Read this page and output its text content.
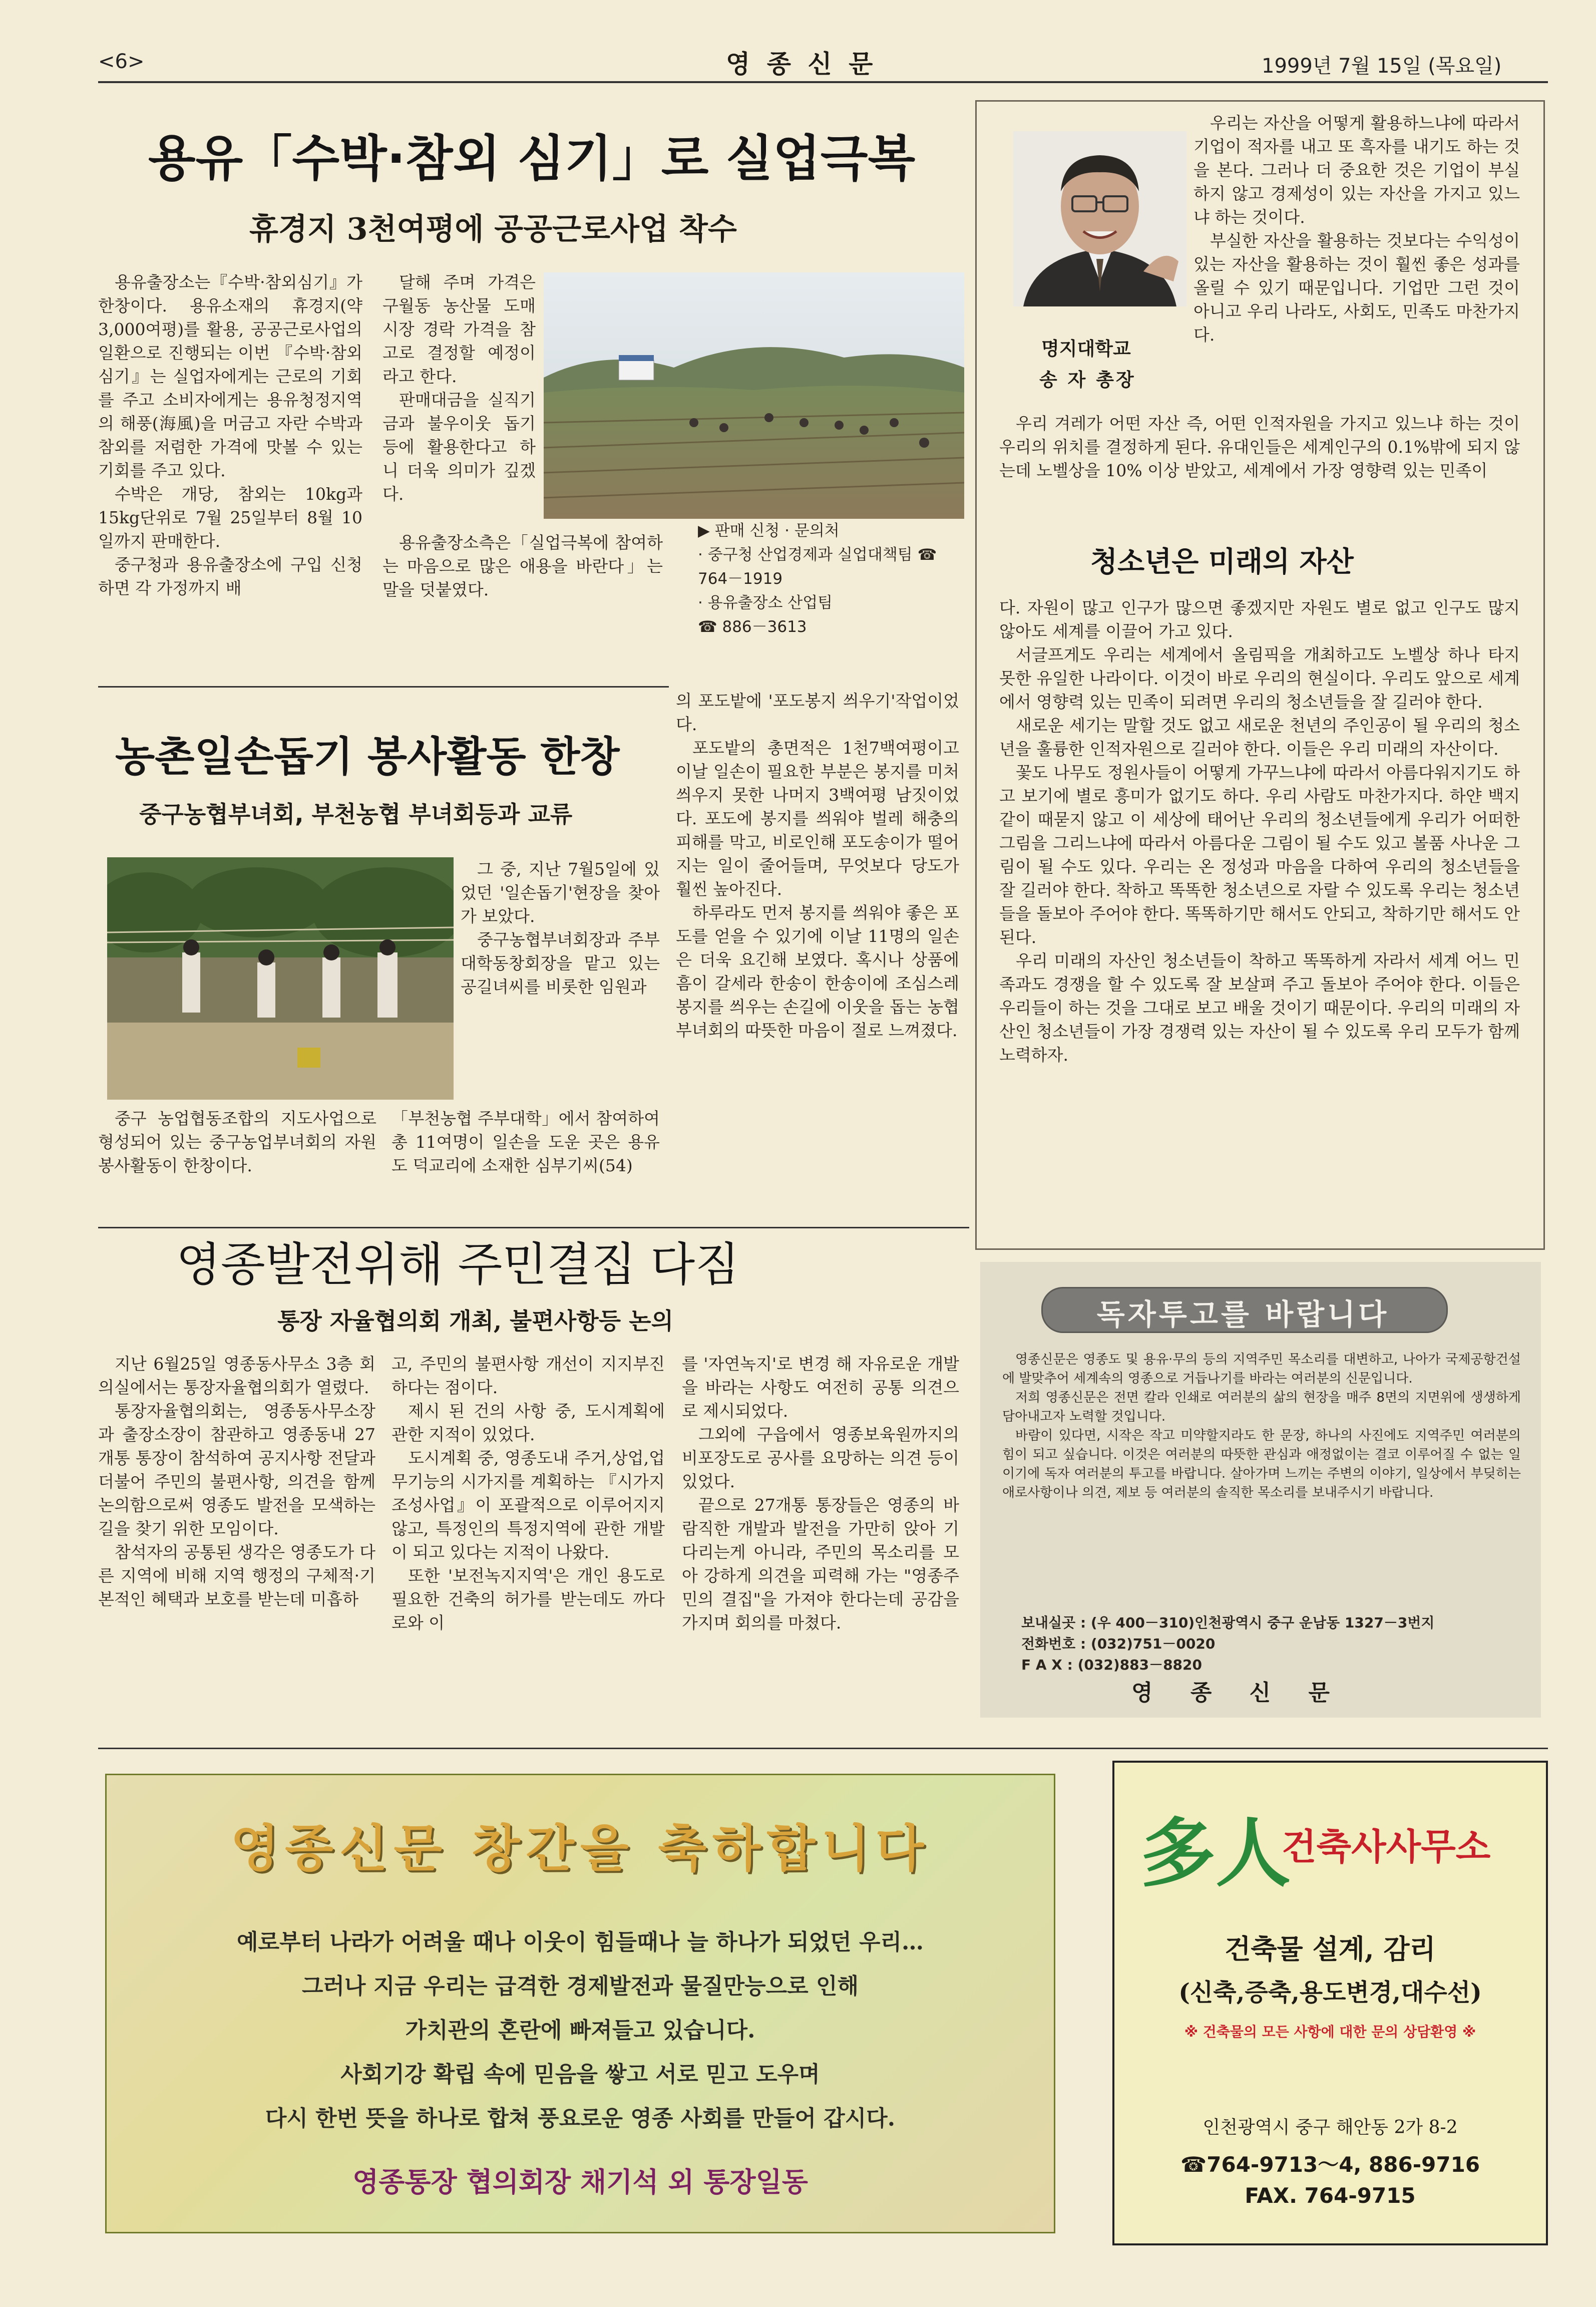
<6>	영 종 신 문	1999년 7월 15일 (목요일)
용유「수박·참외 심기」로 실업극복
휴경지 3천여평에 공공근로사업 착수

용유출장소는『수박·참외심기』가 한창이다. 용유소재의 휴경지(약3,000여평)를 활용, 공공근로사업의 일환으로 진행되는 이번 『수박·참외심기』는 실업자에게는 근로의 기회를 주고 소비자에게는 용유청정지역의 해풍(海風)을 머금고 자란 수박과 참외를 저렴한 가격에 맛볼 수 있는 기회를 주고 있다.

수박은 개당, 참외는 10kg과 15kg단위로 7월 25일부터 8월 10일까지 판매한다.

중구청과 용유출장소에 구입 신청하면 각 가정까지 배

달해 주며 가격은 구월동 농산물 도매시장 경락 가격을 참고로 결정할 예정이라고 한다.

판매대금을 실직기금과 불우이웃 돕기 등에 활용한다고 하니 더욱 의미가 깊겠다.

용유출장소측은「실업극복에 참여하는 마음으로 많은 애용을 바란다」는 말을 덧붙였다.

▶ 판매 신청 · 문의처
· 중구청 산업경제과 실업대책팀 ☎ 764－1919
· 용유출장소 산업팀
☎ 886－3613
명지대학교
송 자 총장

우리는 자산을 어떻게 활용하느냐에 따라서 기업이 적자를 내고 또 흑자를 내기도 하는 것을 본다. 그러나 더 중요한 것은 기업이 부실하지 않고 경제성이 있는 자산을 가지고 있느냐 하는 것이다.

부실한 자산을 활용하는 것보다는 수익성이 있는 자산을 활용하는 것이 훨씬 좋은 성과를 올릴 수 있기 때문입니다. 기업만 그런 것이 아니고 우리 나라도, 사회도, 민족도 마찬가지다.

우리 겨레가 어떤 자산 즉, 어떤 인적자원을 가지고 있느냐 하는 것이 우리의 위치를 결정하게 된다. 유대인들은 세계인구의 0.1%밖에 되지 않는데 노벨상을 10% 이상 받았고, 세계에서 가장 영향력 있는 민족이

청소년은 미래의 자산

다. 자원이 많고 인구가 많으면 좋겠지만 자원도 별로 없고 인구도 많지 않아도 세계를 이끌어 가고 있다.

서글프게도 우리는 세계에서 올림픽을 개최하고도 노벨상 하나 타지 못한 유일한 나라이다. 이것이 바로 우리의 현실이다. 우리도 앞으로 세계에서 영향력 있는 민족이 되려면 우리의 청소년들을 잘 길러야 한다.

새로운 세기는 말할 것도 없고 새로운 천년의 주인공이 될 우리의 청소년을 훌륭한 인적자원으로 길러야 한다. 이들은 우리 미래의 자산이다.

꽃도 나무도 정원사들이 어떻게 가꾸느냐에 따라서 아름다워지기도 하고 보기에 별로 흥미가 없기도 하다. 우리 사람도 마찬가지다. 하얀 백지 같이 때묻지 않고 이 세상에 태어난 우리의 청소년들에게 우리가 어떠한 그림을 그리느냐에 따라서 아름다운 그림이 될 수도 있고 볼품 사나운 그림이 될 수도 있다. 우리는 온 정성과 마음을 다하여 우리의 청소년들을 잘 길러야 한다. 착하고 똑똑한 청소년으로 자랄 수 있도록 우리는 청소년들을 돌보아 주어야 한다. 똑똑하기만 해서도 안되고, 착하기만 해서도 안된다.

우리 미래의 자산인 청소년들이 착하고 똑똑하게 자라서 세계 어느 민족과도 경쟁을 할 수 있도록 잘 보살펴 주고 돌보아 주어야 한다. 이들은 우리들이 하는 것을 그대로 보고 배울 것이기 때문이다. 우리의 미래의 자산인 청소년들이 가장 경쟁력 있는 자산이 될 수 있도록 우리 모두가 함께 노력하자.

농촌일손돕기 봉사활동 한창
중구농협부녀회, 부천농협 부녀회등과 교류

그 중, 지난 7월5일에 있었던 '일손돕기'현장을 찾아가 보았다.

중구농협부녀회장과 주부대학동창회장을 맡고 있는 공길녀씨를 비롯한 임원과

중구 농업협동조합의 지도사업으로 형성되어 있는 중구농업부녀회의 자원봉사활동이 한창이다.

「부천농협 주부대학」에서 참여하여 총 11여명이 일손을 도운 곳은 용유도 덕교리에 소재한 심부기씨(54)

의 포도밭에 '포도봉지 씌우기'작업이었다.

포도밭의 총면적은 1천7백여평이고 이날 일손이 필요한 부분은 봉지를 미처 씌우지 못한 나머지 3백여평 남짓이었다. 포도에 봉지를 씌워야 벌레 해충의 피해를 막고, 비로인해 포도송이가 떨어지는 일이 줄어들며, 무엇보다 당도가 훨씬 높아진다.

하루라도 먼저 봉지를 씌워야 좋은 포도를 얻을 수 있기에 이날 11명의 일손은 더욱 요긴해 보였다. 혹시나 상품에 흠이 갈세라 한송이 한송이에 조심스레 봉지를 씌우는 손길에 이웃을 돕는 농협부녀회의 따뜻한 마음이 절로 느껴졌다.

영종발전위해 주민결집 다짐
통장 자율협의회 개최, 불편사항등 논의

지난 6월25일 영종동사무소 3층 회의실에서는 통장자율협의회가 열렸다.

통장자율협의회는, 영종동사무소장과 출장소장이 참관하고 영종동내 27개통 통장이 참석하여 공지사항 전달과 더불어 주민의 불편사항, 의견을 함께 논의함으로써 영종도 발전을 모색하는 길을 찾기 위한 모임이다.

참석자의 공통된 생각은 영종도가 다른 지역에 비해 지역 행정의 구체적·기본적인 혜택과 보호를 받는데 미흡하

고, 주민의 불편사항 개선이 지지부진하다는 점이다.

제시 된 건의 사항 중, 도시계획에 관한 지적이 있었다.

도시계획 중, 영종도내 주거,상업,업무기능의 시가지를 계획하는 『시가지조성사업』이 포괄적으로 이루어지지 않고, 특정인의 특정지역에 관한 개발이 되고 있다는 지적이 나왔다.

또한 '보전녹지지역'은 개인 용도로 필요한 건축의 허가를 받는데도 까다로와 이

를 '자연녹지'로 변경 해 자유로운 개발을 바라는 사항도 여전히 공통 의견으로 제시되었다.

그외에 구읍에서 영종보육원까지의 비포장도로 공사를 요망하는 의견 등이 있었다.

끝으로 27개통 통장들은 영종의 바람직한 개발과 발전을 가만히 앉아 기다리는게 아니라, 주민의 목소리를 모아 강하게 의견을 피력해 가는 "영종주민의 결집"을 가져야 한다는데 공감을 가지며 회의를 마쳤다.

독자투고를 바랍니다

영종신문은 영종도 및 용유·무의 등의 지역주민 목소리를 대변하고, 나아가 국제공항건설에 발맞추어 세계속의 영종으로 거듭나기를 바라는 여러분의 신문입니다.

저희 영종신문은 전면 칼라 인쇄로 여러분의 삶의 현장을 매주 8면의 지면위에 생생하게 담아내고자 노력할 것입니다.

바람이 있다면, 시작은 작고 미약할지라도 한 문장, 하나의 사진에도 지역주민 여러분의 힘이 되고 싶습니다. 이것은 여러분의 따뜻한 관심과 애정없이는 결코 이루어질 수 없는 일이기에 독자 여러분의 투고를 바랍니다. 살아가며 느끼는 주변의 이야기, 일상에서 부딪히는 애로사항이나 의견, 제보 등 여러분의 솔직한 목소리를 보내주시기 바랍니다.

보내실곳 : (우 400－310)인천광역시 중구 운남동 1327－3번지
전화번호 : (032)751－0020
F A X : (032)883－8820
영 종 신 문
영종신문 창간을 축하합니다
예로부터 나라가 어려울 때나 이웃이 힘들때나 늘 하나가 되었던 우리…
그러나 지금 우리는 급격한 경제발전과 물질만능으로 인해
가치관의 혼란에 빠져들고 있습니다.
사회기강 확립 속에 믿음을 쌓고 서로 믿고 도우며
다시 한번 뜻을 하나로 합쳐 풍요로운 영종 사회를 만들어 갑시다.
영종통장 협의회장 채기석 외 통장일동
多人
건축사사무소
건축물 설계, 감리
(신축,증축,용도변경,대수선)
※ 건축물의 모든 사항에 대한 문의 상담환영 ※
인천광역시 중구 해안동 2가 8-2
☎764-9713～4, 886-9716
FAX. 764-9715
